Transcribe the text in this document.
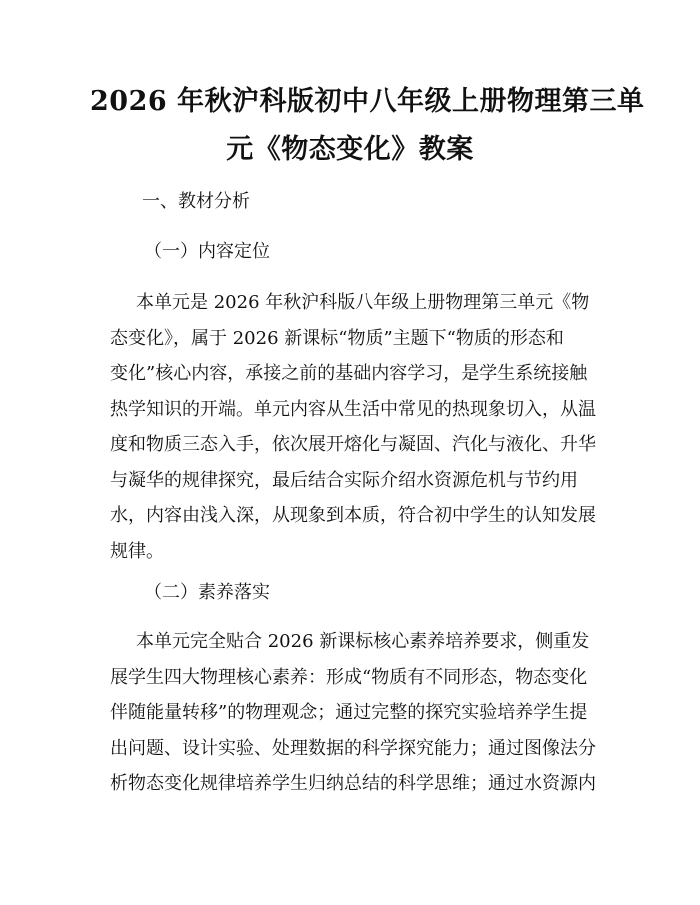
2026 年秋沪科版初中八年级上册物理第三单
元《物态变化》教案

一、教材分析

（一）内容定位

本单元是 2026 年秋沪科版八年级上册物理第三单元《物
态变化》，属于 2026 新课标“物质”主题下“物质的形态和
变化”核心内容，承接之前的基础内容学习，是学生系统接触
热学知识的开端。单元内容从生活中常见的热现象切入，从温
度和物质三态入手，依次展开熔化与凝固、汽化与液化、升华
与凝华的规律探究，最后结合实际介绍水资源危机与节约用
水，内容由浅入深，从现象到本质，符合初中学生的认知发展
规律。

（二）素养落实

本单元完全贴合 2026 新课标核心素养培养要求，侧重发
展学生四大物理核心素养：形成“物质有不同形态，物态变化
伴随能量转移”的物理观念；通过完整的探究实验培养学生提
出问题、设计实验、处理数据的科学探究能力；通过图像法分
析物态变化规律培养学生归纳总结的科学思维；通过水资源内
